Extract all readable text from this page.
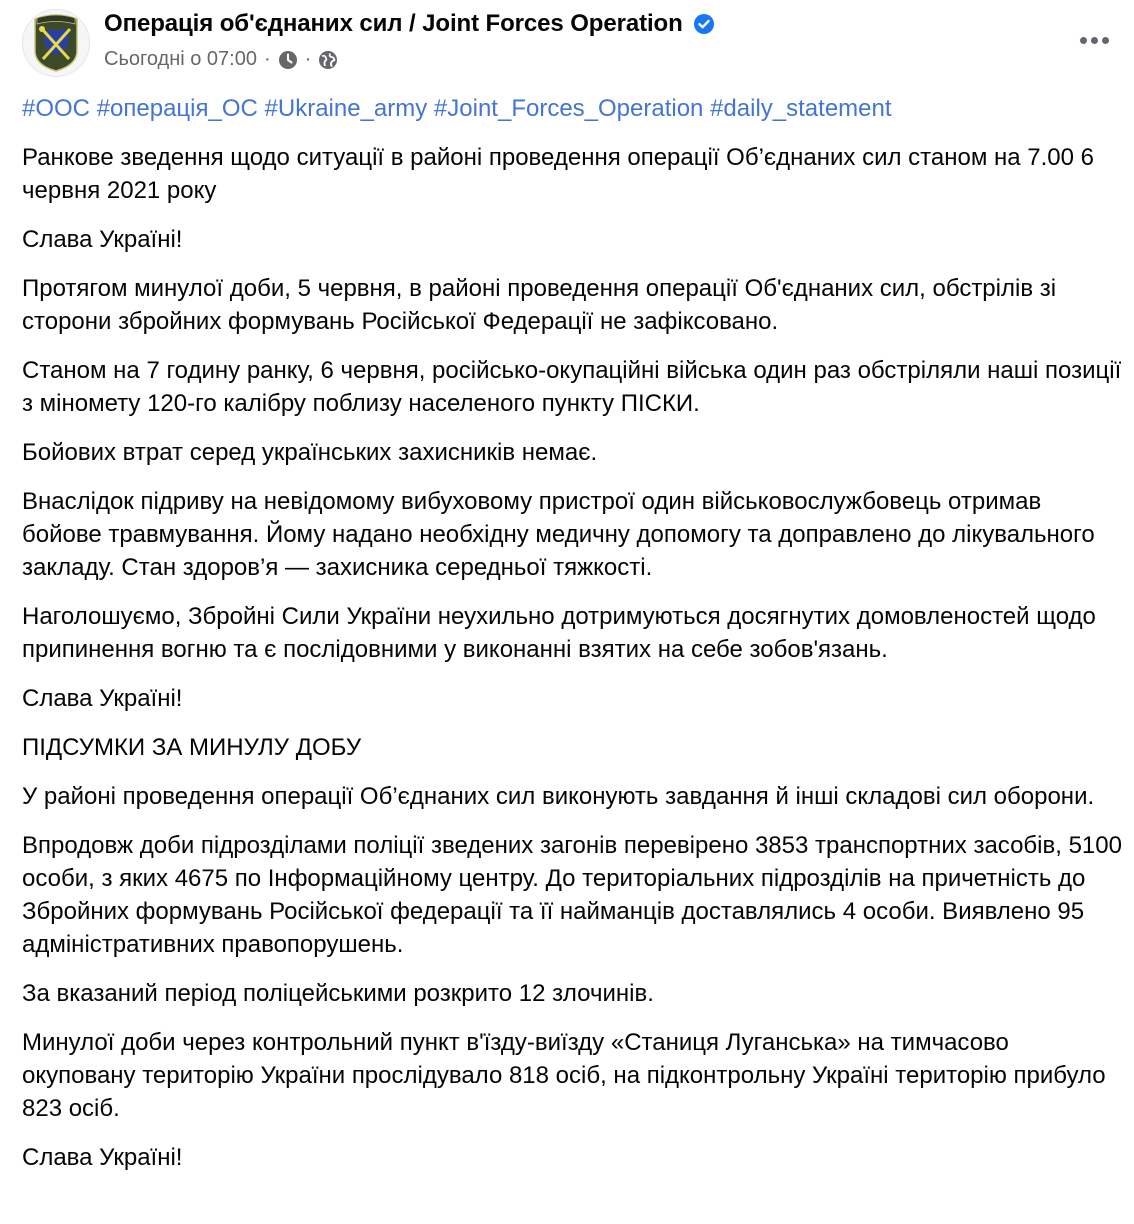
Операція об'єднаних сил / Joint Forces Operation
Сьогодні о 07:00 · ·

#ООС #операція_ОС #Ukraine_army #Joint_Forces_Operation #daily_statement

Ранкове зведення щодо ситуації в районі проведення операції Об’єднаних сил станом на 7.00 6 червня 2021 року

Слава Україні!

Протягом минулої доби, 5 червня, в районі проведення операції Об'єднаних сил, обстрілів зі сторони збройних формувань Російської Федерації не зафіксовано.

Станом на 7 годину ранку, 6 червня, російсько-окупаційні війська один раз обстріляли наші позиції з міномету 120-го калібру поблизу населеного пункту ПІСКИ.

Бойових втрат серед українських захисників немає.

Внаслідок підриву на невідомому вибуховому пристрої один військовослужбовець отримав бойове травмування. Йому надано необхідну медичну допомогу та доправлено до лікувального закладу. Стан здоров’я — захисника середньої тяжкості.

Наголошуємо, Збройні Сили України неухильно дотримуються досягнутих домовленостей щодо припинення вогню та є послідовними у виконанні взятих на себе зобов'язань.

Слава Україні!

ПІДСУМКИ ЗА МИНУЛУ ДОБУ

У районі проведення операції Об’єднаних сил виконують завдання й інші складові сил оборони.

Впродовж доби підрозділами поліції зведених загонів перевірено 3853 транспортних засобів, 5100 особи, з яких 4675 по Інформаційному центру. До територіальних підрозділів на причетність до Збройних формувань Російської федерації та її найманців доставлялись 4 особи. Виявлено 95 адміністративних правопорушень.

За вказаний період поліцейськими розкрито 12 злочинів.

Минулої доби через контрольний пункт в'їзду-виїзду «Станиця Луганська» на тимчасово окуповану територію України прослідувало 818 осіб, на підконтрольну Україні територію прибуло 823 осіб.

Слава Україні!
